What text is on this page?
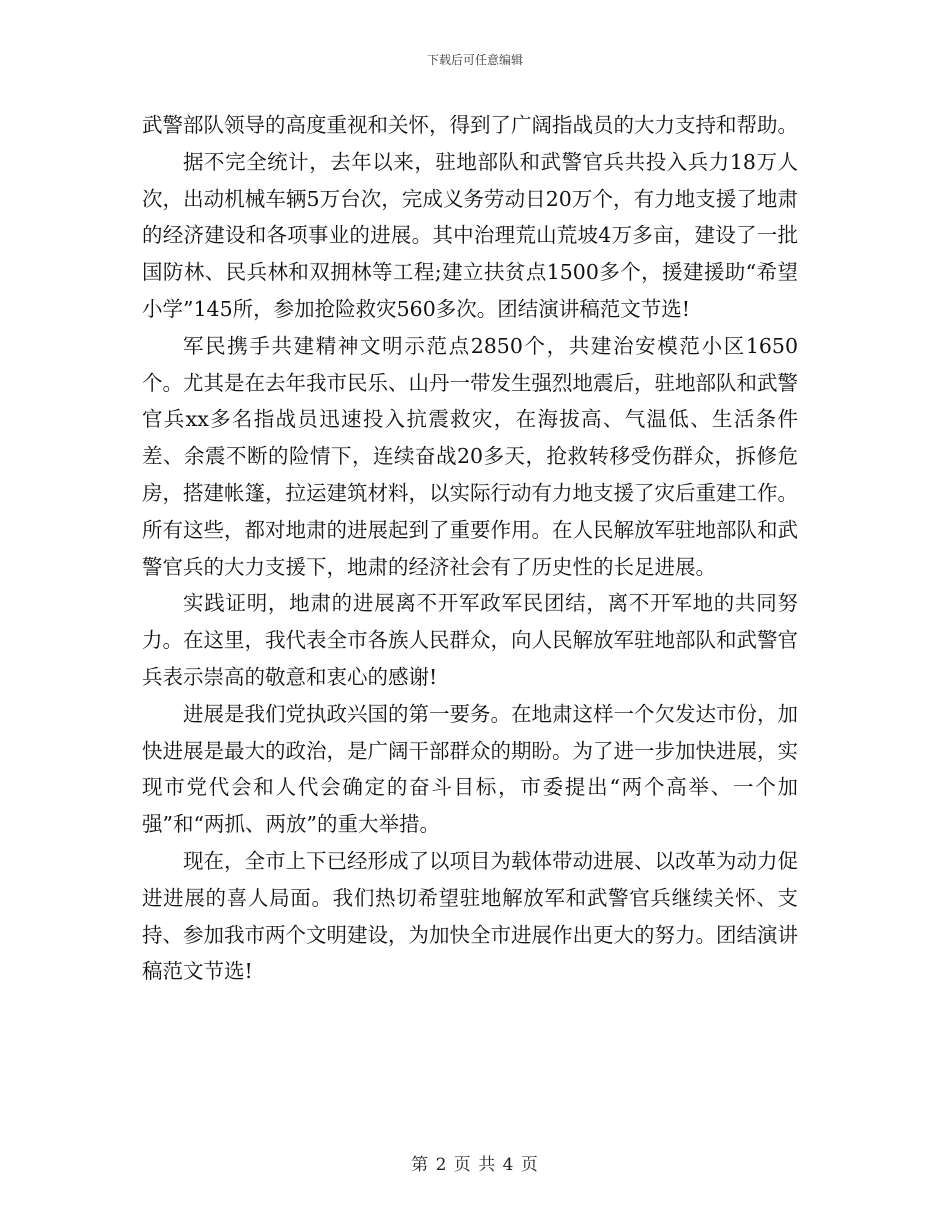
下载后可任意编辑

武警部队领导的高度重视和关怀，得到了广阔指战员的大力支持和帮助。

据不完全统计，去年以来，驻地部队和武警官兵共投入兵力18万人次，出动机械车辆5万台次，完成义务劳动日20万个，有力地支援了地肃的经济建设和各项事业的进展。其中治理荒山荒坡4万多亩，建设了一批国防林、民兵林和双拥林等工程;建立扶贫点1500多个，援建援助“希望小学”145所，参加抢险救灾560多次。团结演讲稿范文节选!

军民携手共建精神文明示范点2850个，共建治安模范小区1650个。尤其是在去年我市民乐、山丹一带发生强烈地震后，驻地部队和武警官兵xx多名指战员迅速投入抗震救灾，在海拔高、气温低、生活条件差、余震不断的险情下，连续奋战20多天，抢救转移受伤群众，拆修危房，搭建帐篷，拉运建筑材料，以实际行动有力地支援了灾后重建工作。所有这些，都对地肃的进展起到了重要作用。在人民解放军驻地部队和武警官兵的大力支援下，地肃的经济社会有了历史性的长足进展。

实践证明，地肃的进展离不开军政军民团结，离不开军地的共同努力。在这里，我代表全市各族人民群众，向人民解放军驻地部队和武警官兵表示崇高的敬意和衷心的感谢!

进展是我们党执政兴国的第一要务。在地肃这样一个欠发达市份，加快进展是最大的政治，是广阔干部群众的期盼。为了进一步加快进展，实现市党代会和人代会确定的奋斗目标，市委提出“两个高举、一个加强”和“两抓、两放”的重大举措。

现在，全市上下已经形成了以项目为载体带动进展、以改革为动力促进进展的喜人局面。我们热切希望驻地解放军和武警官兵继续关怀、支持、参加我市两个文明建设，为加快全市进展作出更大的努力。团结演讲稿范文节选!

第 2 页 共 4 页
